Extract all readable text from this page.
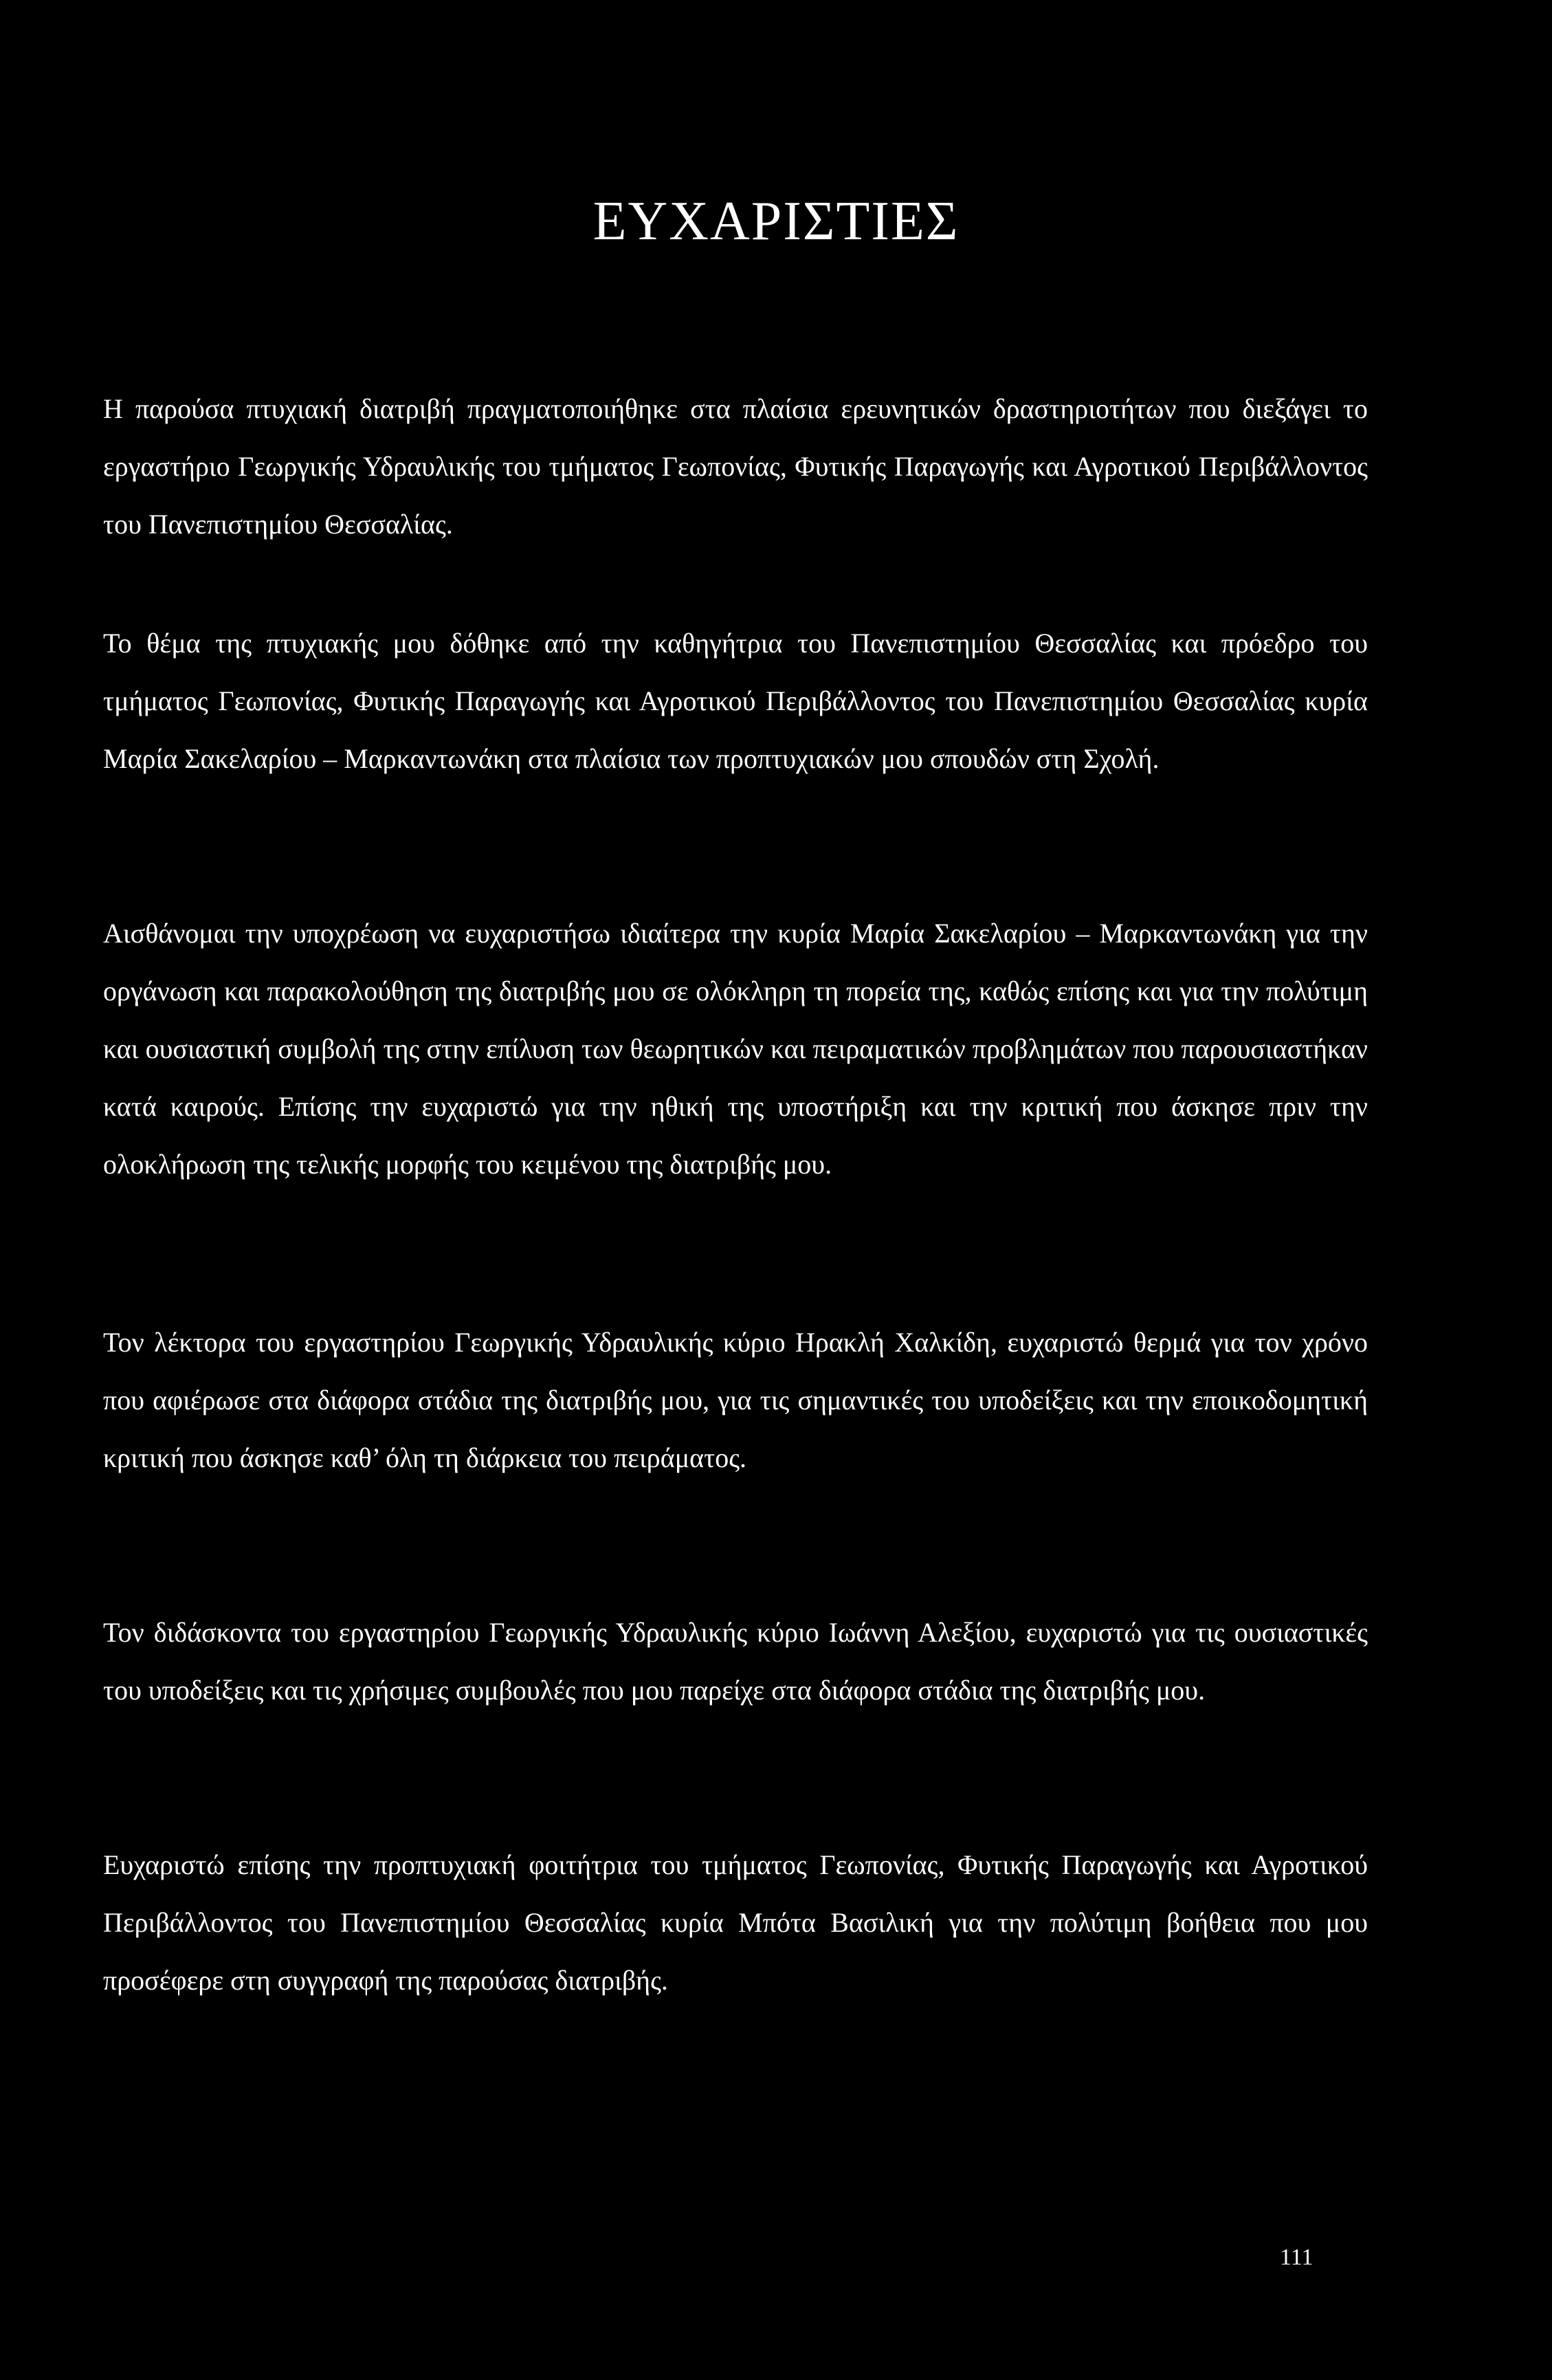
ΕΥΧΑΡΙΣΤΙΕΣ

Η παρούσα πτυχιακή διατριβή πραγματοποιήθηκε στα πλαίσια ερευνητικών δραστηριοτήτων που διεξάγει το εργαστήριο Γεωργικής Υδραυλικής του τμήματος Γεωπονίας, Φυτικής Παραγωγής και Αγροτικού Περιβάλλοντος του Πανεπιστημίου Θεσσαλίας.

Το θέμα της πτυχιακής μου δόθηκε από την καθηγήτρια του Πανεπιστημίου Θεσσαλίας και πρόεδρο του τμήματος Γεωπονίας, Φυτικής Παραγωγής και Αγροτικού Περιβάλλοντος του Πανεπιστημίου Θεσσαλίας κυρία Μαρία Σακελαρίου – Μαρκαντωνάκη στα πλαίσια των προπτυχιακών μου σπουδών στη Σχολή.

Αισθάνομαι την υποχρέωση να ευχαριστήσω ιδιαίτερα την κυρία Μαρία Σακελαρίου – Μαρκαντωνάκη για την οργάνωση και παρακολούθηση της διατριβής μου σε ολόκληρη τη πορεία της, καθώς επίσης και για την πολύτιμη και ουσιαστική συμβολή της στην επίλυση των θεωρητικών και πειραματικών προβλημάτων που παρουσιαστήκαν κατά καιρούς. Επίσης την ευχαριστώ για την ηθική της υποστήριξη και την κριτική που άσκησε πριν την ολοκλήρωση της τελικής μορφής του κειμένου της διατριβής μου.

Τον λέκτορα του εργαστηρίου Γεωργικής Υδραυλικής κύριο Ηρακλή Χαλκίδη, ευχαριστώ θερμά για τον χρόνο που αφιέρωσε στα διάφορα στάδια της διατριβής μου, για τις σημαντικές του υποδείξεις και την εποικοδομητική κριτική που άσκησε καθ’ όλη τη διάρκεια του πειράματος.

Τον διδάσκοντα του εργαστηρίου Γεωργικής Υδραυλικής κύριο Ιωάννη Αλεξίου, ευχαριστώ για τις ουσιαστικές του υποδείξεις και τις χρήσιμες συμβουλές που μου παρείχε στα διάφορα στάδια της διατριβής μου.

Ευχαριστώ επίσης την προπτυχιακή φοιτήτρια του τμήματος Γεωπονίας, Φυτικής Παραγωγής και Αγροτικού Περιβάλλοντος του Πανεπιστημίου Θεσσαλίας κυρία Μπότα Βασιλική για την πολύτιμη βοήθεια που μου προσέφερε στη συγγραφή της παρούσας διατριβής.

111
